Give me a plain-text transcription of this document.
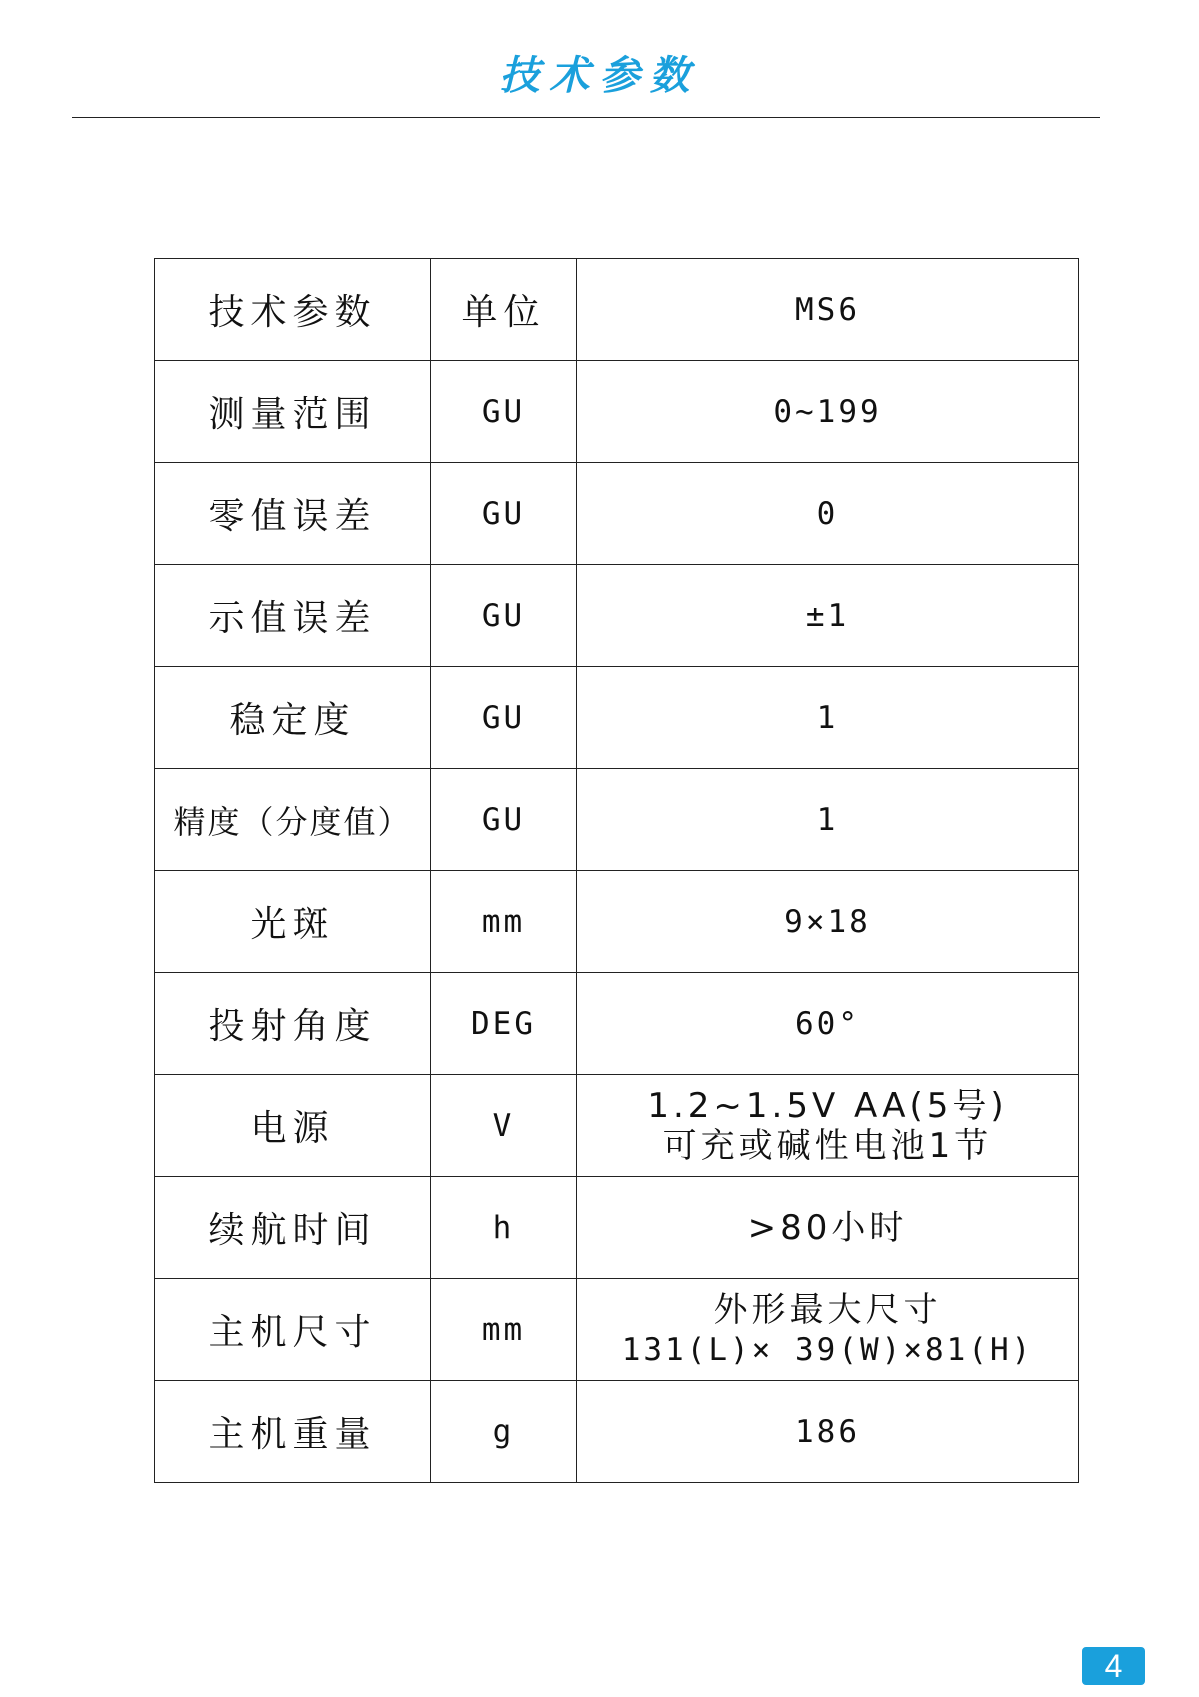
技术参数
技术参数	单位	MS6

测量范围	GU	0~199

零值误差	GU	0

示值误差	GU	±1

稳定度	GU	1

精度（分度值）	GU	1

光斑	mm	9×18

投射角度	DEG	60°

电源	V	1.2~1.5V AA(5号)
可充或碱性电池1节

续航时间	h	>80小时

主机尺寸	mm	外形最大尺寸
131(L)× 39(W)×81(H)

主机重量	g	186
4
